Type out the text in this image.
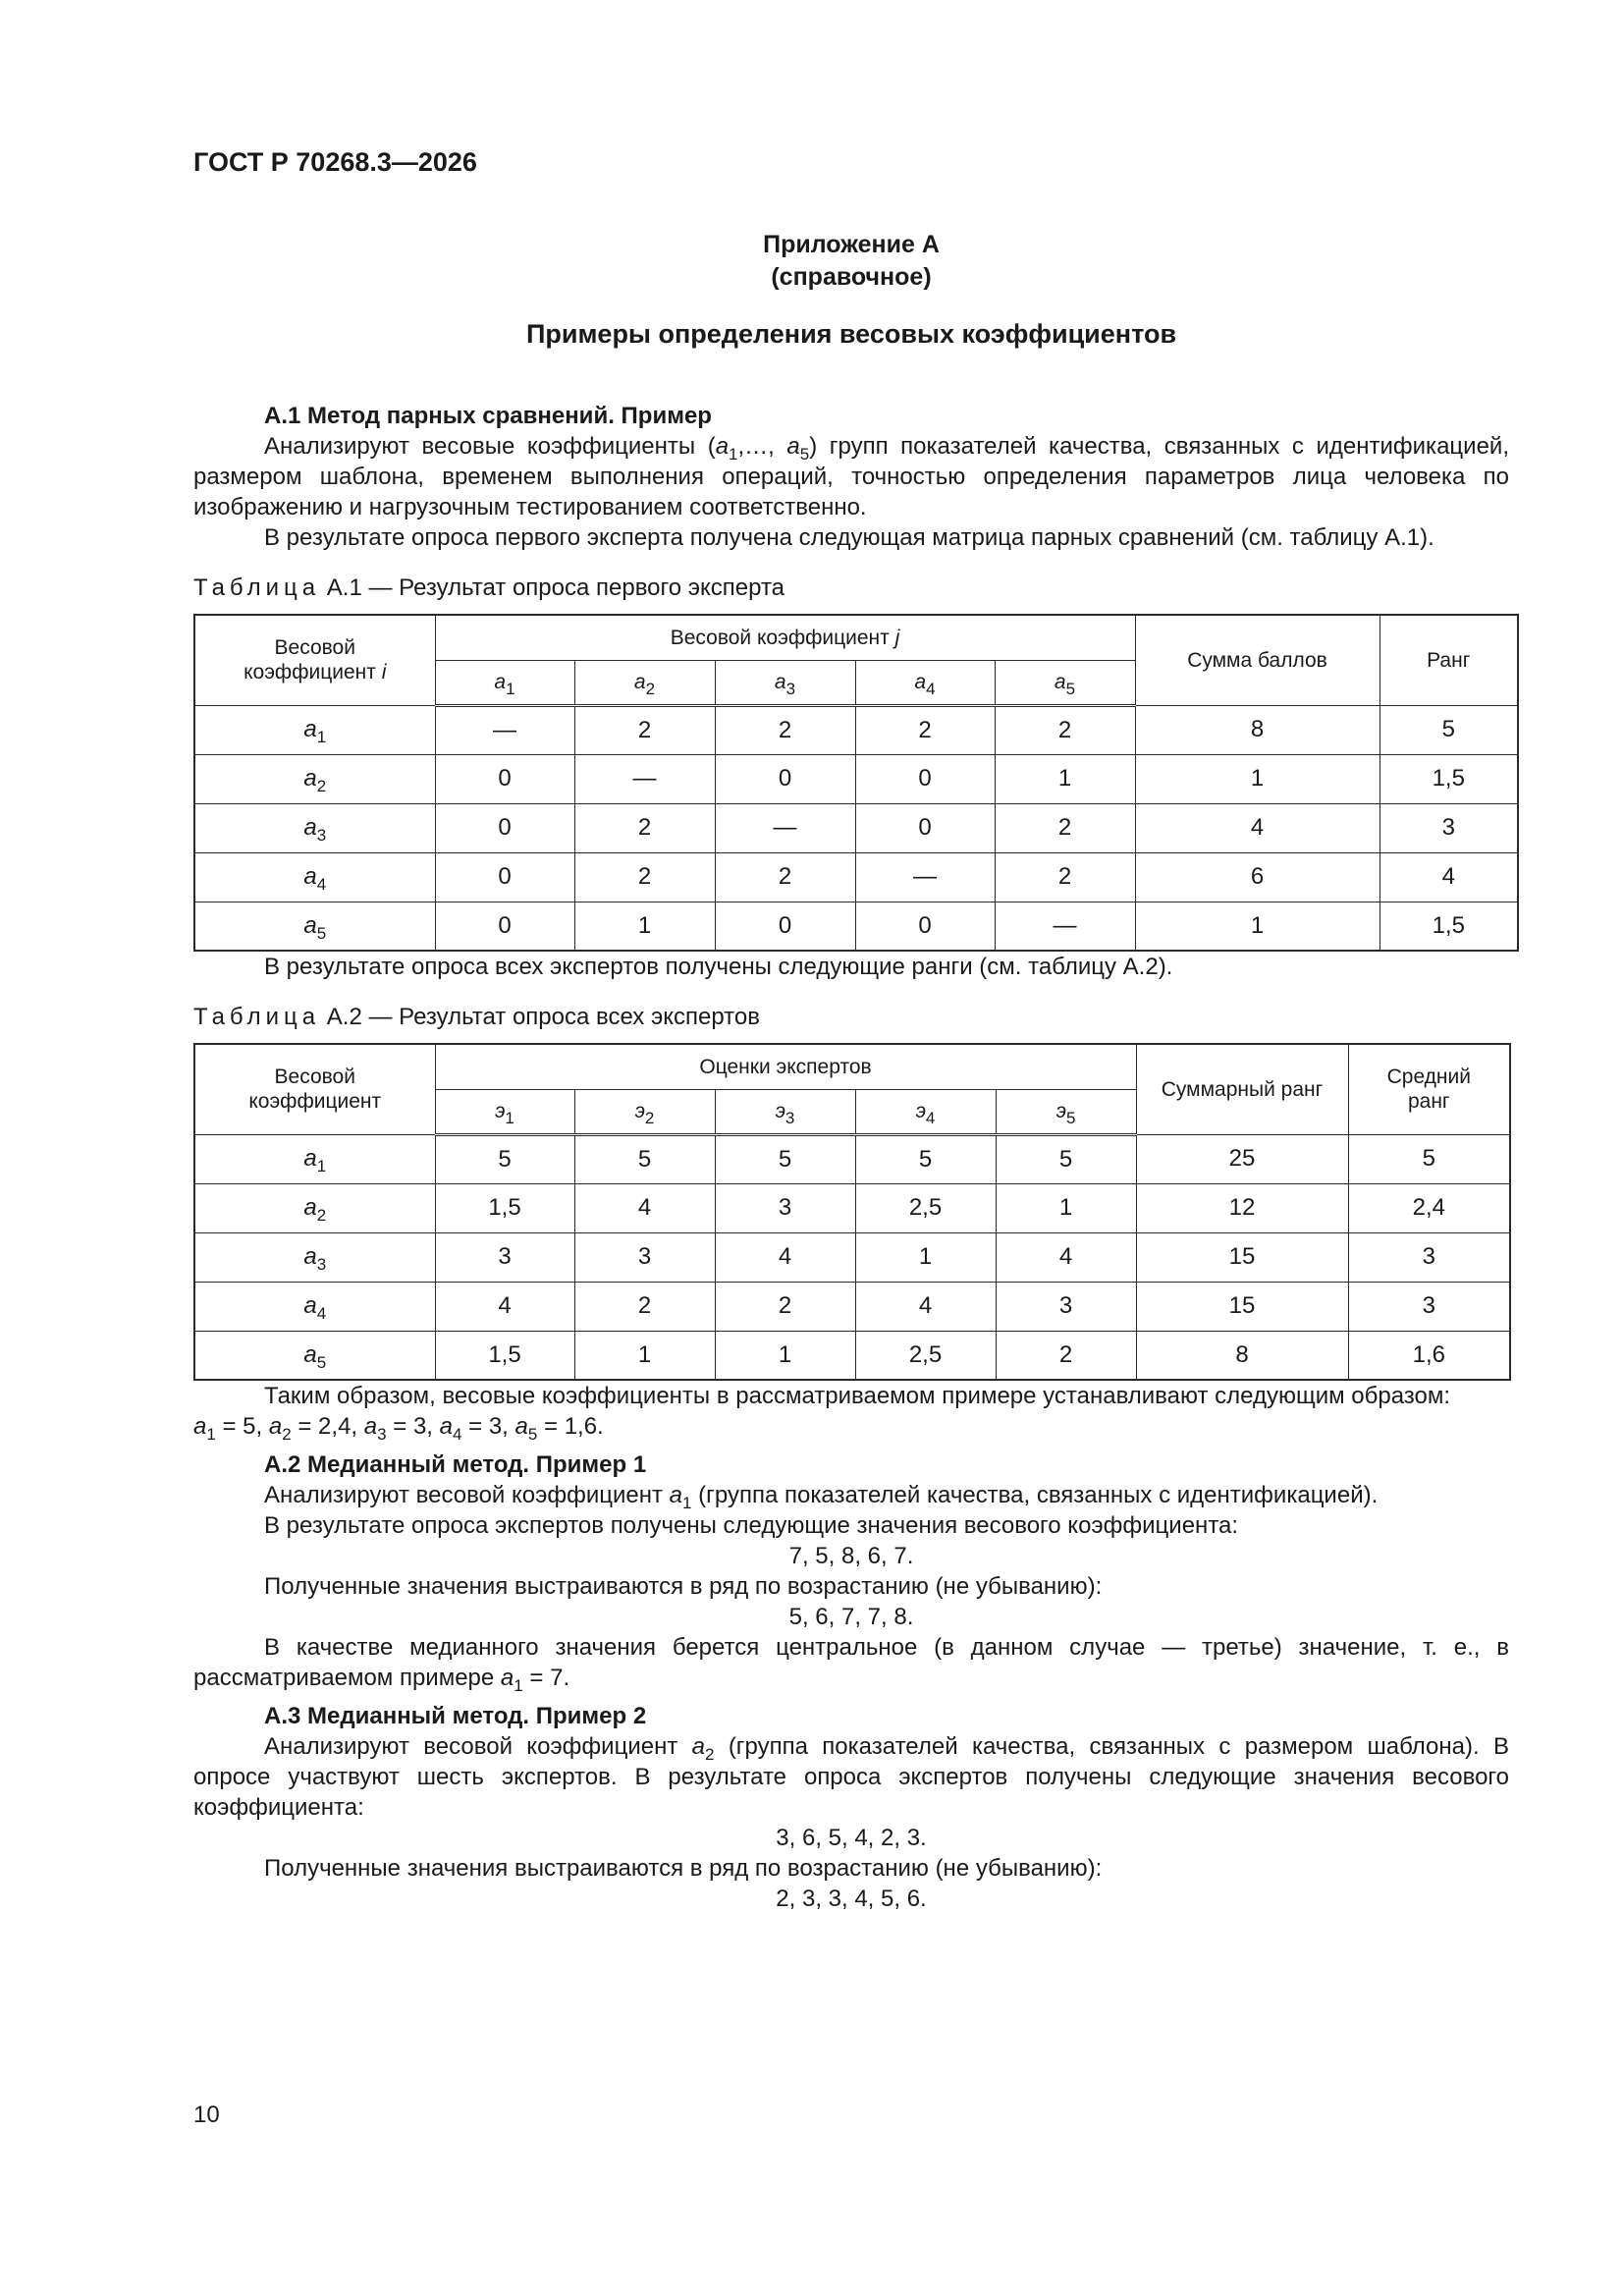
ГОСТ Р 70268.3—2026
Приложение А
(справочное)
Примеры определения весовых коэффициентов

А.1 Метод парных сравнений. Пример

Анализируют весовые коэффициенты ($a_1,\dots$, $a_5$) групп показателей качества, связанных с идентификацией, размером шаблона, временем выполнения операций, точностью определения параметров лица человека по изображению и нагрузочным тестированием соответственно.

В результате опроса первого эксперта получена следующая матрица парных сравнений (см. таблицу А.1).

Таблица А.1 — Результат опроса первого эксперта
Весовой
коэффициент i	Весовой коэффициент j					Сумма баллов	Ранг
	$a_1$	$a_2$	$a_3$	$a_4$	$a_5$
$a_1$	—	2	2	2	2	8	5
$a_2$	0	—	0	0	1	1	1,5
$a_3$	0	2	—	0	2	4	3
$a_4$	0	2	2	—	2	6	4
$a_5$	0	1	0	0	—	1	1,5

В результате опроса всех экспертов получены следующие ранги (см. таблицу А.2).

Таблица А.2 — Результат опроса всех экспертов
Весовой
коэффициент	Оценки экспертов					Суммарный ранг	Средний
ранг
	$э_1$	$э_2$	$э_3$	$э_4$	$э_5$
$a_1$	5	5	5	5	5	25	5
$a_2$	1,5	4	3	2,5	1	12	2,4
$a_3$	3	3	4	1	4	15	3
$a_4$	4	2	2	4	3	15	3
$a_5$	1,5	1	1	2,5	2	8	1,6

Таким образом, весовые коэффициенты в рассматриваемом примере устанавливают следующим образом:
$a_1 = 5$, $a_2 = 2,4$, $a_3 = 3$, $a_4 = 3$, $a_5 = 1,6$.

А.2 Медианный метод. Пример 1

Анализируют весовой коэффициент $a_1$ (группа показателей качества, связанных с идентификацией).

В результате опроса экспертов получены следующие значения весового коэффициента:

7, 5, 8, 6, 7.

Полученные значения выстраиваются в ряд по возрастанию (не убыванию):

5, 6, 7, 7, 8.

В качестве медианного значения берется центральное (в данном случае — третье) значение, т. е., в рассматриваемом примере $a_1 = 7$.

А.3 Медианный метод. Пример 2

Анализируют весовой коэффициент $a_2$ (группа показателей качества, связанных с размером шаблона). В опросе участвуют шесть экспертов. В результате опроса экспертов получены следующие значения весового коэффициента:

3, 6, 5, 4, 2, 3.

Полученные значения выстраиваются в ряд по возрастанию (не убыванию):

2, 3, 3, 4, 5, 6.

10
